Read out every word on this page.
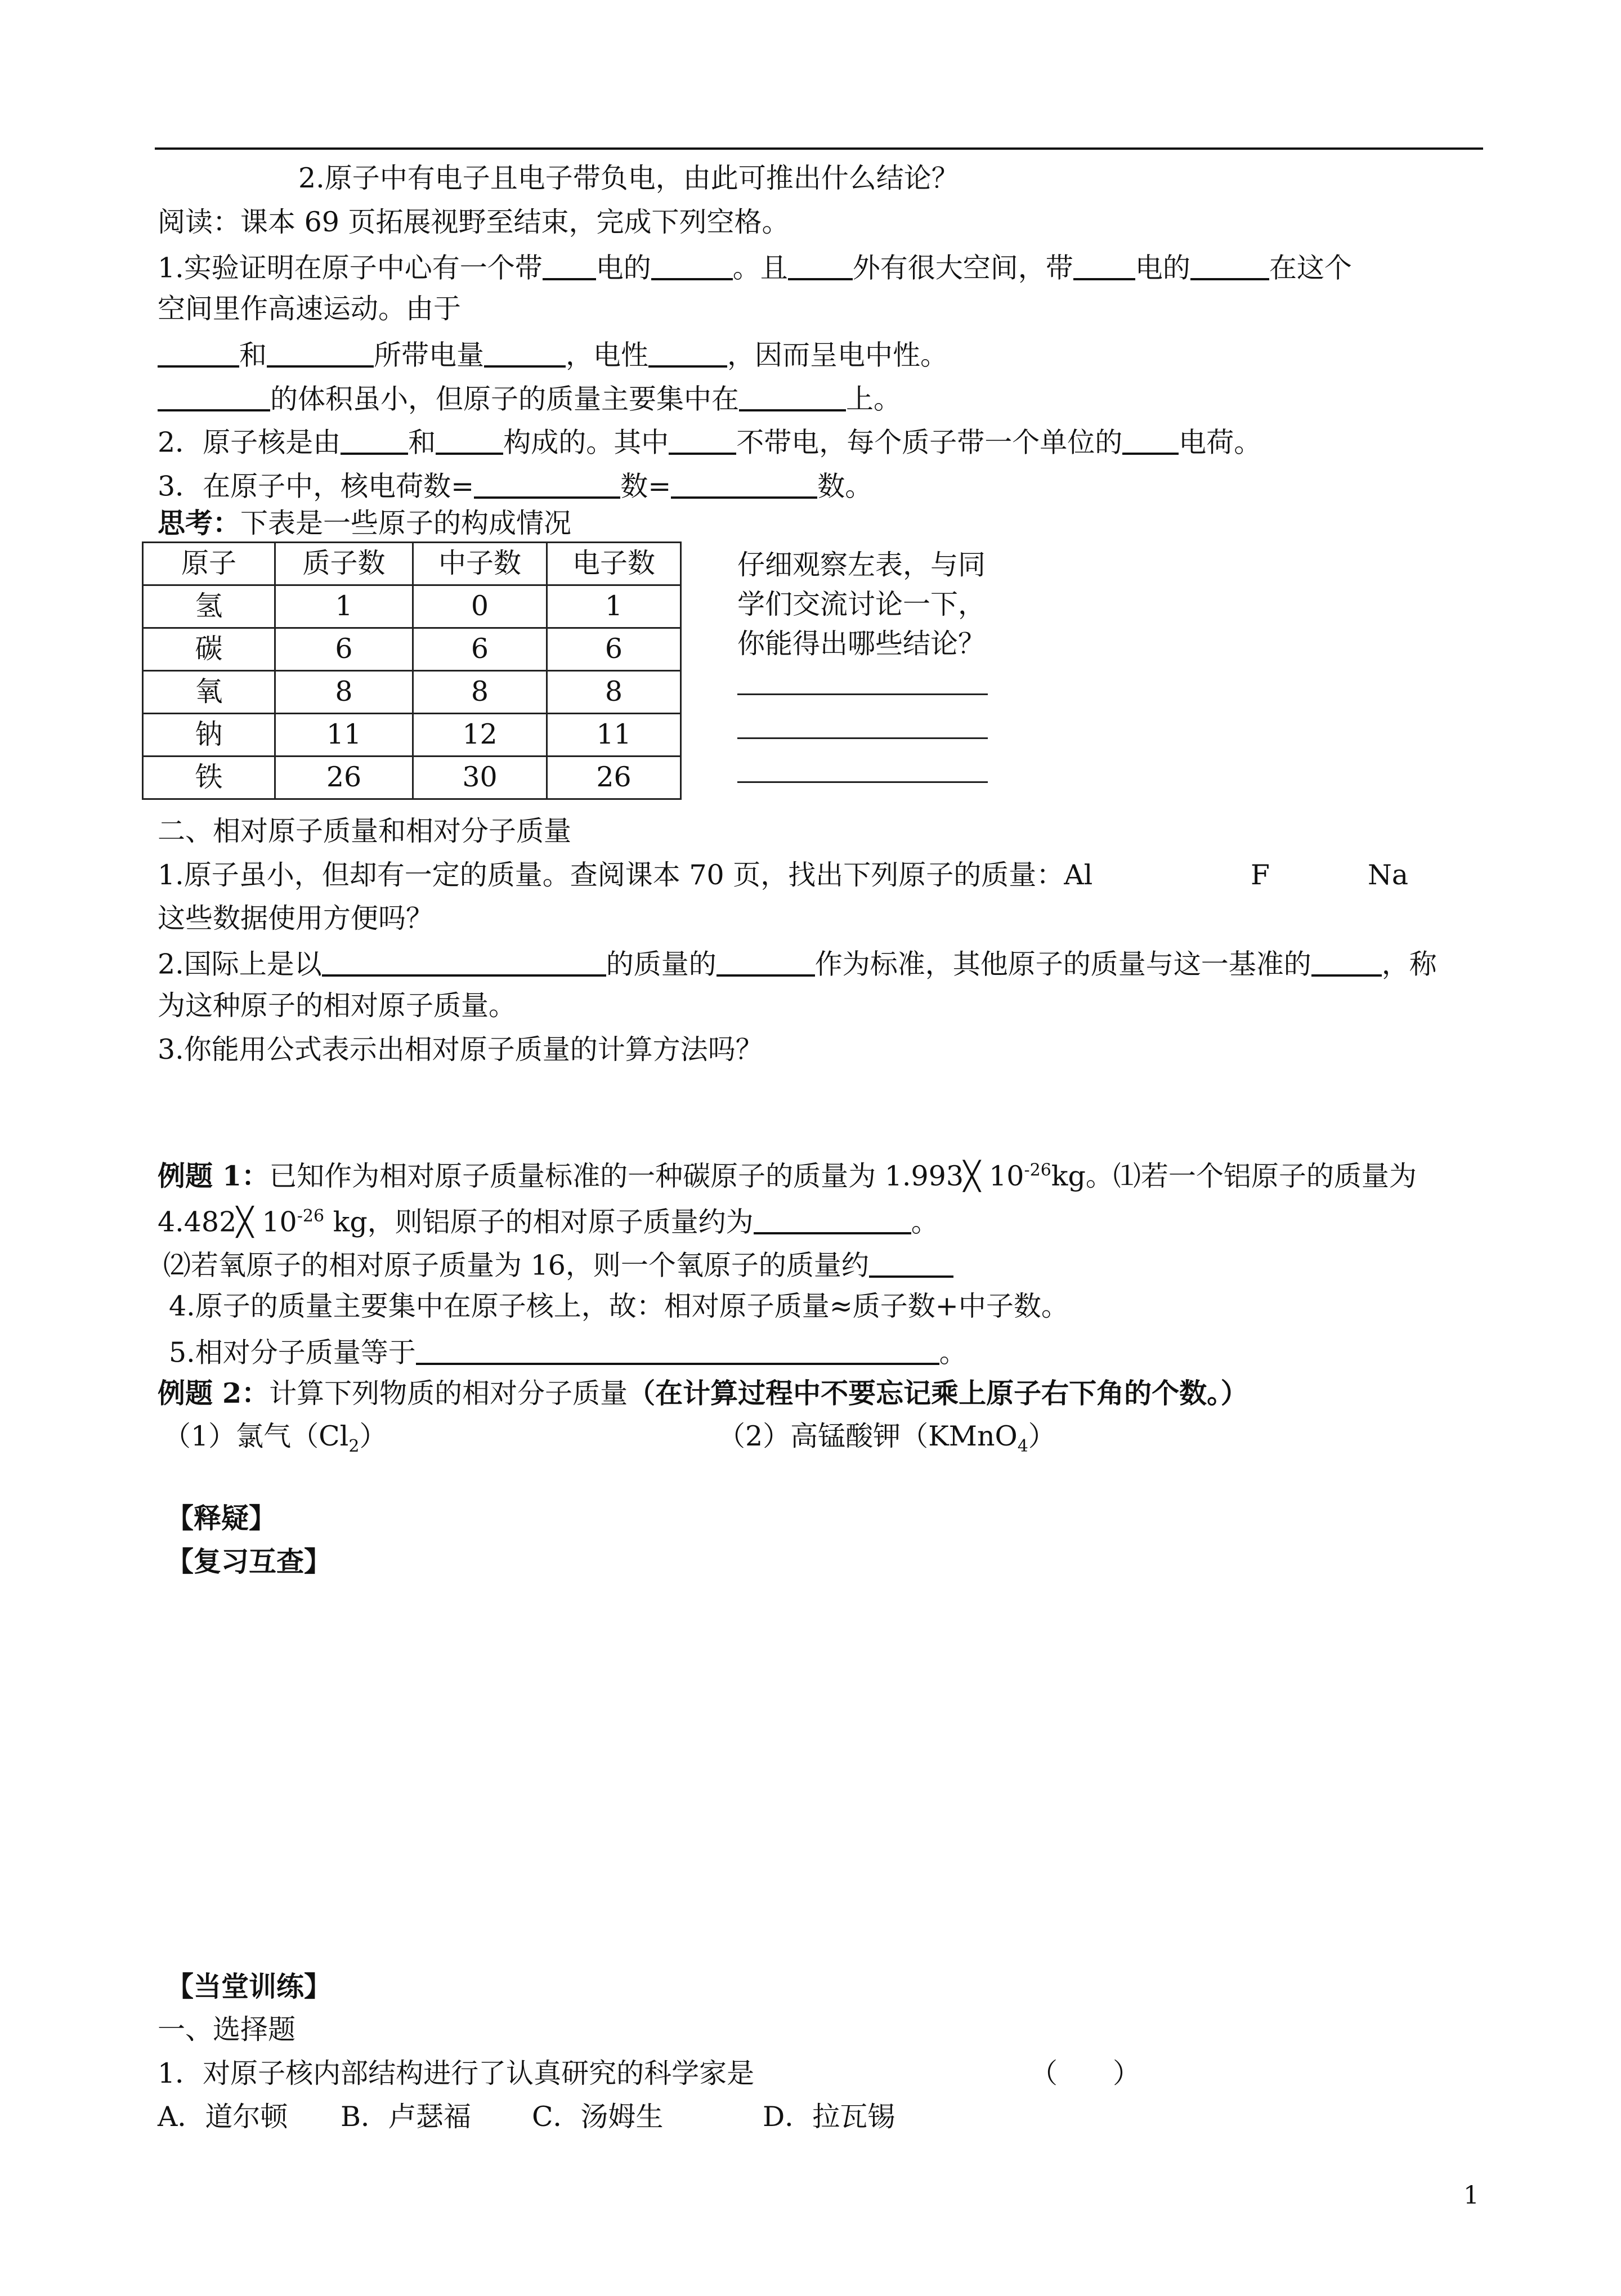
2.原子中有电子且电子带负电，由此可推出什么结论？
阅读：课本 69 页拓展视野至结束，完成下列空格。
1.实验证明在原子中心有一个带 电的	。且 外有很大空间，带 电的	在这个
空间里作高速运动。由于
和	所带电量	，电性	，因而呈电中性。
的体积虽小，但原子的质量主要集中在	上。
2．原子核是由 和 构成的。其中 不带电，每个质子带一个单位的 电荷。
3．在原子中，核电荷数=	数=	数。
思考：下表是一些原子的构成情况
原子	质子数	中子数	电子数
氢	1	0	1
碳	6	6	6
氧	8	8	8
钠	11	12	11
铁	26	30	26
仔细观察左表，与同
学们交流讨论一下，
你能得出哪些结论？
二、相对原子质量和相对分子质量
1.原子虽小，但却有一定的质量。查阅课本 70 页，找出下列原子的质量：Al	F	Na
这些数据使用方便吗？
2.国际上是以	的质量的	作为标准，其他原子的质量与这一基准的	，称
为这种原子的相对原子质量。
3.你能用公式表示出相对原子质量的计算方法吗？
例题 1：已知作为相对原子质量标准的一种碳原子的质量为 1.993╳ $10^{-26}kg$。⑴若一个铝原子的质量为
4.482╳ $10^{-26}$ kg，则铝原子的相对原子质量约为	。
⑵若氧原子的相对原子质量为 16，则一个氧原子的质量约
4.原子的质量主要集中在原子核上，故：相对原子质量≈质子数+中子数。
5.相对分子质量等于	。
例题 2：计算下列物质的相对分子质量（在计算过程中不要忘记乘上原子右下角的个数。）
（1）氯气$(Cl_2)$	（2）高锰酸钾（KMnO$_4$）
【释疑】
【复习互查】
【当堂训练】
一、选择题
1．对原子核内部结构进行了认真研究的科学家是	（　　）
A．道尔顿 B．卢瑟福 C．汤姆生	D．拉瓦锡
1
